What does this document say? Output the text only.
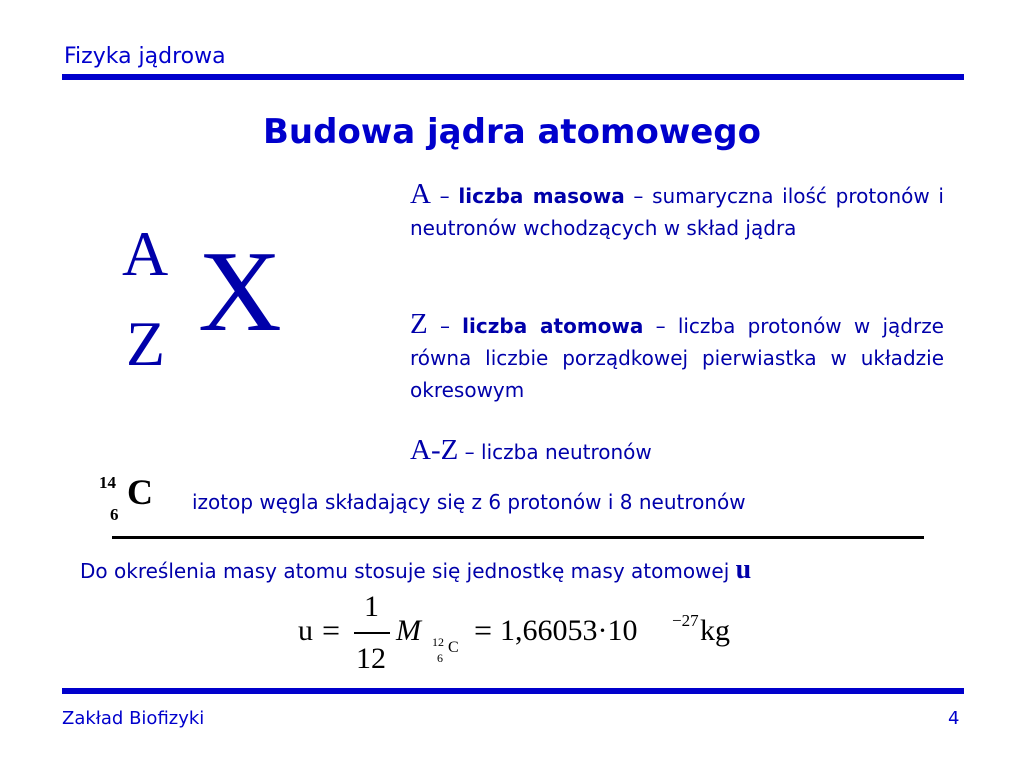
Fizyka jądrowa
Budowa jądra atomowego
A
Z X
A – liczba masowa – sumaryczna ilość protonów i neutronów wchodzących w skład jądra
Z – liczba atomowa – liczba protonów w jądrze równa liczbie porządkowej pierwiastka w układzie okresowym
A-Z – liczba neutronów
14
6
C izotop węgla składający się z 6 protonów i 8 neutronów
Do określenia masy atomu stosuje się jednostkę masy atomowej u
u =
1
12
M 12
6
C = 1,66053·10 −27 kg
Zakład Biofizyki	4
